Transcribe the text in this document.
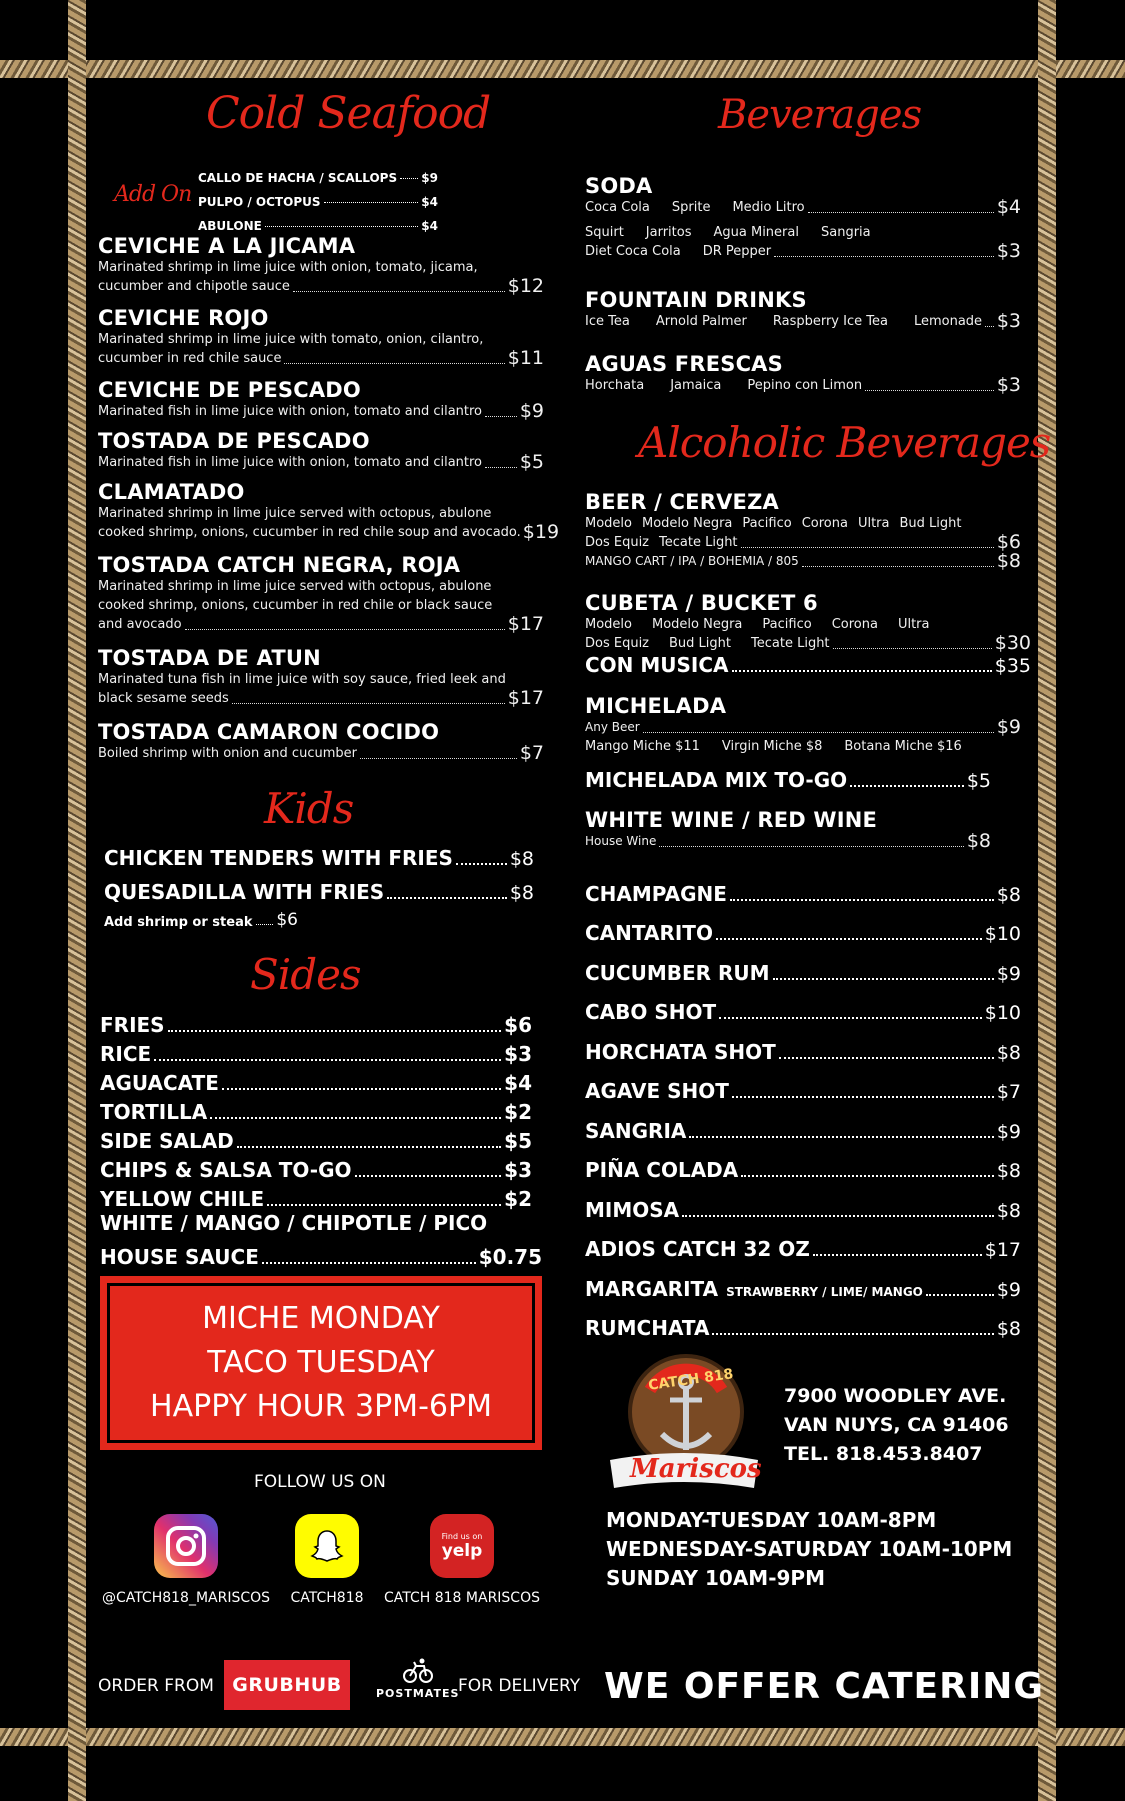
Cold Seafood
Add On
CALLO DE HACHA / SCALLOPS $9
PULPO / OCTOPUS	$4
ABULONE	$4
CEVICHE A LA JICAMA
Marinated shrimp in lime juice with onion, tomato, jicama,
cucumber and chipotle sauce	$12
CEVICHE ROJO
Marinated shrimp in lime juice with tomato, onion, cilantro,
cucumber in red chile sauce	$11
CEVICHE DE PESCADO
Marinated fish in lime juice with onion, tomato and cilantro $9
TOSTADA DE PESCADO
Marinated fish in lime juice with onion, tomato and cilantro $5
CLAMATADO
Marinated shrimp in lime juice served with octopus, abulone
cooked shrimp, onions, cucumber in red chile soup and avocado. $19
TOSTADA CATCH NEGRA, ROJA
Marinated shrimp in lime juice served with octopus, abulone
cooked shrimp, onions, cucumber in red chile or black sauce
and avocado	$17
TOSTADA DE ATUN
Marinated tuna fish in lime juice with soy sauce, fried leek and
black sesame seeds	$17
TOSTADA CAMARON COCIDO
Boiled shrimp with onion and cucumber	$7
Kids
CHICKEN TENDERS WITH FRIES	$8
QUESADILLA WITH FRIES	$8
Add shrimp or steak $6
Sides
FRIES	$6
RICE	$3
AGUACATE	$4
TORTILLA	$2
SIDE SALAD	$5
CHIPS & SALSA TO-GO	$3
YELLOW CHILE	$2
WHITE / MANGO / CHIPOTLE / PICO
HOUSE SAUCE	$0.75
MICHE MONDAY
TACO TUESDAY
HAPPY HOUR 3PM-6PM
FOLLOW US ON
@CATCH818_MARISCOS	CATCH818
Find us on
yelp
CATCH 818 MARISCOS
ORDER FROM GRUBHUB	POSTMATES
FOR DELIVERY
Beverages
SODA
Coca Cola Sprite Medio Litro	$4
Squirt Jarritos Agua Mineral Sangria
Diet Coca Cola DR Pepper	$3
FOUNTAIN DRINKS
Ice Tea Arnold Palmer Raspberry Ice Tea Lemonade $3
AGUAS FRESCAS
Horchata Jamaica Pepino con Limon	$3
Alcoholic Beverages
BEER / CERVEZA
Modelo Modelo Negra Pacifico Corona Ultra Bud Light
Dos Equiz Tecate Light	$6
MANGO CART / IPA / BOHEMIA / 805	$8
CUBETA / BUCKET 6
Modelo Modelo Negra Pacifico Corona Ultra
Dos Equiz Bud Light Tecate Light	$30
CON MUSICA	$35
MICHELADA
Any Beer	$9
Mango Miche $11 Virgin Miche $8 Botana Miche $16
MICHELADA MIX TO-GO	$5
WHITE WINE / RED WINE
House Wine	$8
CHAMPAGNE	$8
CANTARITO	$10
CUCUMBER RUM	$9
CABO SHOT	$10
HORCHATA SHOT	$8
AGAVE SHOT	$7
SANGRIA	$9
PIÑA COLADA	$8
MIMOSA	$8
ADIOS CATCH 32 OZ	$17
MARGARITA STRAWBERRY / LIME/ MANGO	$9
RUMCHATA	$8
CATCH 818
Mariscos
7900 WOODLEY AVE.
VAN NUYS, CA 91406
TEL. 818.453.8407
MONDAY-TUESDAY 10AM-8PM
WEDNESDAY-SATURDAY 10AM-10PM
SUNDAY 10AM-9PM
WE OFFER CATERING
